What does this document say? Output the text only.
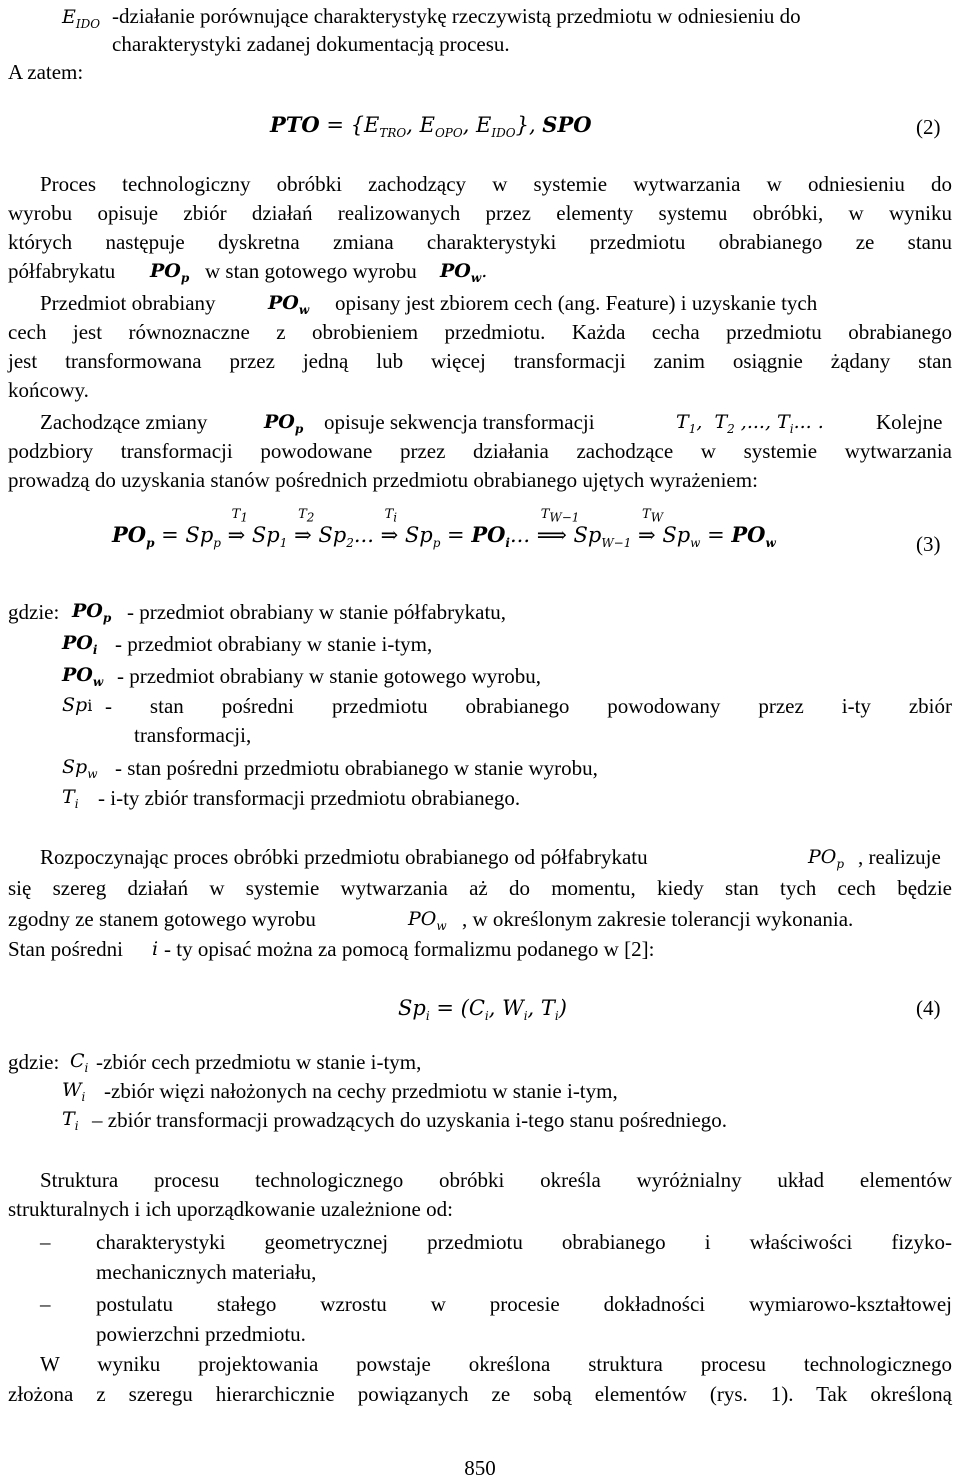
$E_{IDO}$ -działanie porównujące charakterystykę rzeczywistą przedmiotu w odniesieniu do
charakterystyki zadanej dokumentacją procesu.
A zatem:
PTO = {$E_{TRO}$, $E_{OPO}$, $E_{IDO}$}, SPO	(2)
Proces technologiczny obróbki zachodzący w systemie wytwarzania w odniesieniu do
wyrobu opisuje zbiór działań realizowanych przez elementy systemu obróbki, w wyniku
których następuje dyskretna zmiana charakterystyki przedmiotu obrabianego ze stanu
półfabrykatu $PO_p$ w stan gotowego wyrobu $PO_w$.
Przedmiot obrabiany	$PO_w$ opisany jest zbiorem cech (ang. Feature) i uzyskanie tych
cech jest równoznaczne z obrobieniem przedmiotu. Każda cecha przedmiotu obrabianego
jest transformowana przez jedną lub więcej transformacji zanim osiągnie żądany stan
końcowy.
Zachodzące zmiany	$PO_p$ opisuje sekwencja transformacji	$T_1$,  $T_2$ ,..., $T_i$... . Kolejne
podzbiory transformacji powodowane przez działania zachodzące w systemie wytwarzania
prowadzą do uzyskania stanów pośrednich przedmiotu obrabianego ujętych wyrażeniem:
$PO_p = Sp_p$
$T_1$
⇒ $Sp_1$
$T_2$
⇒ $Sp_2$...
$T_i$
⇒ $Sp_p = PO_i$...
$T_{W-1}$
⟹ $Sp_{W-1}$
$T_W$
⇒ $Sp_w = PO_w$	(3)
gdzie: $PO_p$ - przedmiot obrabiany w stanie półfabrykatu,
$PO_i$ - przedmiot obrabiany w stanie i-tym,
$PO_w$ - przedmiot obrabiany w stanie gotowego wyrobu,
Spi - stan pośredni przedmiotu obrabianego powodowany przez i-ty zbiór
transformacji,
$Sp_w$ - stan pośredni przedmiotu obrabianego w stanie wyrobu,
$T_i - i-ty$ zbiór transformacji przedmiotu obrabianego.
Rozpoczynając proces obróbki przedmiotu obrabianego od półfabrykatu	$PO_p$ , realizuje
się szereg działań w systemie wytwarzania aż do momentu, kiedy stan tych cech będzie
zgodny ze stanem gotowego wyrobu	$PO_w$ , w określonym zakresie tolerancji wykonania.
Stan pośredni i - ty opisać można za pomocą formalizmu podanego w [2]:
$Sp_i = (C_i$, $W_i$, $T_i$)	(4)
gdzie: $C_i$ -zbiór cech przedmiotu w stanie i-tym,
$W_i$ -zbiór więzi nałożonych na cechy przedmiotu w stanie i-tym,
$T_i$ – zbiór transformacji prowadzących do uzyskania i-tego stanu pośredniego.
Struktura procesu technologicznego obróbki określa wyróżnialny układ elementów
strukturalnych i ich uporządkowanie uzależnione od:
– charakterystyki geometrycznej przedmiotu obrabianego i właściwości fizyko-
mechanicznych materiału,
– postulatu stałego wzrostu w procesie dokładności wymiarowo-kształtowej
powierzchni przedmiotu.
W wyniku projektowania powstaje określona struktura procesu technologicznego
złożona z szeregu hierarchicznie powiązanych ze sobą elementów (rys. 1). Tak określoną
850
